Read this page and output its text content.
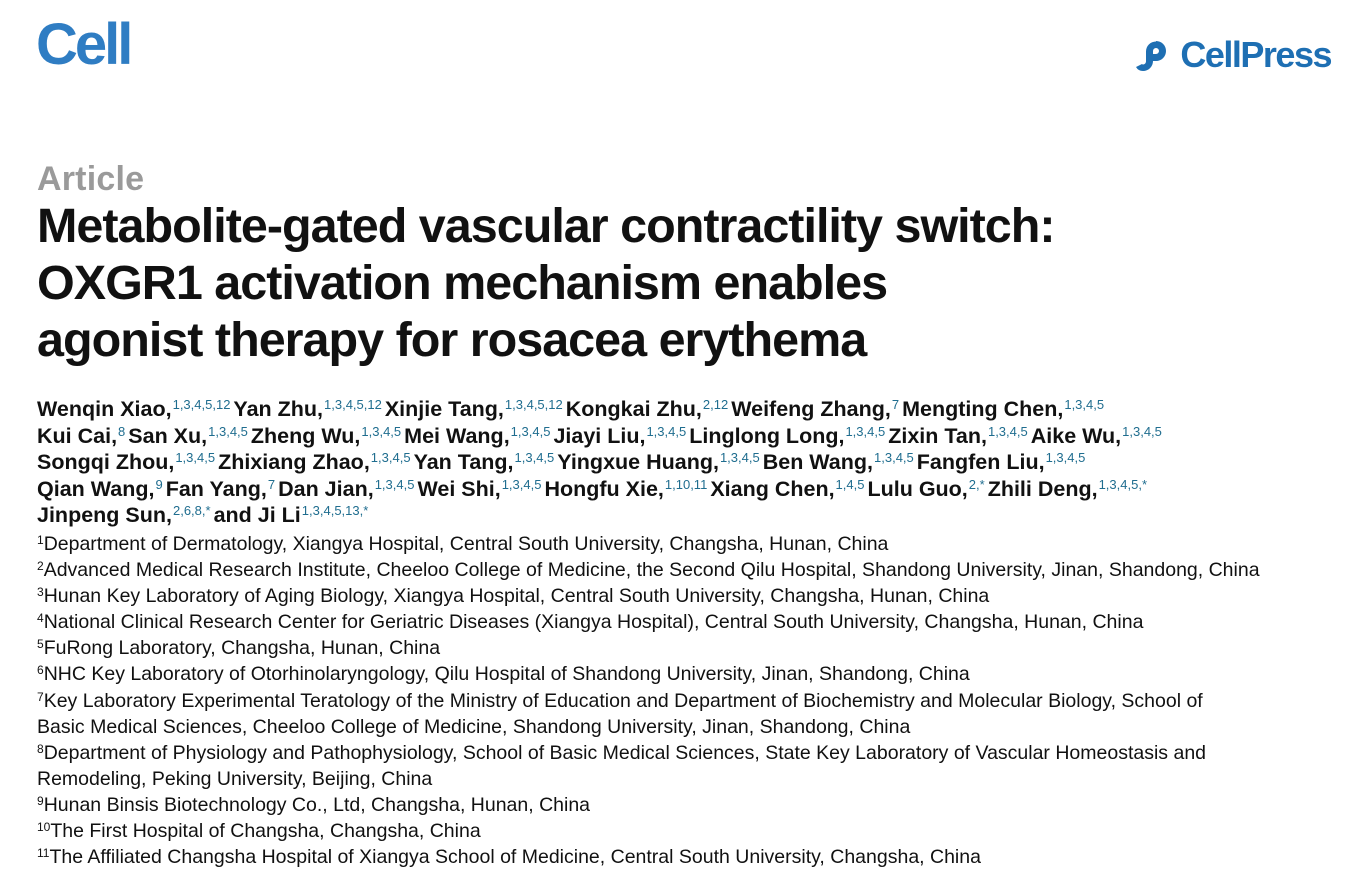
Cell	CellPress
Article
Metabolite-gated vascular contractility switch:
OXGR1 activation mechanism enables
agonist therapy for rosacea erythema
Wenqin Xiao,$^{1,3,4,5,12}$ Yan Zhu,$^{1,3,4,5,12}$ Xinjie Tang,$^{1,3,4,5,12}$ Kongkai Zhu,$^{2,12}$ Weifeng Zhang,$^7$ Mengting Chen,$^{1,3,4,5}$
Kui Cai,$^8$ San Xu,$^{1,3,4,5}$ Zheng Wu,$^{1,3,4,5}$ Mei Wang,$^{1,3,4,5}$ Jiayi Liu,$^{1,3,4,5}$ Linglong Long,$^{1,3,4,5}$ Zixin Tan,$^{1,3,4,5}$ Aike Wu,$^{1,3,4,5}$
Songqi Zhou,$^{1,3,4,5}$ Zhixiang Zhao,$^{1,3,4,5}$ Yan Tang,$^{1,3,4,5}$ Yingxue Huang,$^{1,3,4,5}$ Ben Wang,$^{1,3,4,5}$ Fangfen Liu,$^{1,3,4,5}$
Qian Wang,$^9$ Fan Yang,$^7$ Dan Jian,$^{1,3,4,5}$ Wei Shi,$^{1,3,4,5}$ Hongfu Xie,$^{1,10,11}$ Xiang Chen,$^{1,4,5}$ Lulu Guo,$^{2,*}$ Zhili Deng,$^{1,3,4,5,*}$
Jinpeng Sun,$^{2,6,8,*}$ and Ji Li$^{1,3,4,5,13,*}$
$^1$Department of Dermatology, Xiangya Hospital, Central South University, Changsha, Hunan, China
$^2$Advanced Medical Research Institute, Cheeloo College of Medicine, the Second Qilu Hospital, Shandong University, Jinan, Shandong, China
$^3$Hunan Key Laboratory of Aging Biology, Xiangya Hospital, Central South University, Changsha, Hunan, China
$^4$National Clinical Research Center for Geriatric Diseases (Xiangya Hospital), Central South University, Changsha, Hunan, China
$^5$FuRong Laboratory, Changsha, Hunan, China
$^6$NHC Key Laboratory of Otorhinolaryngology, Qilu Hospital of Shandong University, Jinan, Shandong, China
$^7$Key Laboratory Experimental Teratology of the Ministry of Education and Department of Biochemistry and Molecular Biology, School of
Basic Medical Sciences, Cheeloo College of Medicine, Shandong University, Jinan, Shandong, China
$^8$Department of Physiology and Pathophysiology, School of Basic Medical Sciences, State Key Laboratory of Vascular Homeostasis and
Remodeling, Peking University, Beijing, China
$^9$Hunan Binsis Biotechnology Co., Ltd, Changsha, Hunan, China
$^{10}$The First Hospital of Changsha, Changsha, China
$^{11}$The Affiliated Changsha Hospital of Xiangya School of Medicine, Central South University, Changsha, China
